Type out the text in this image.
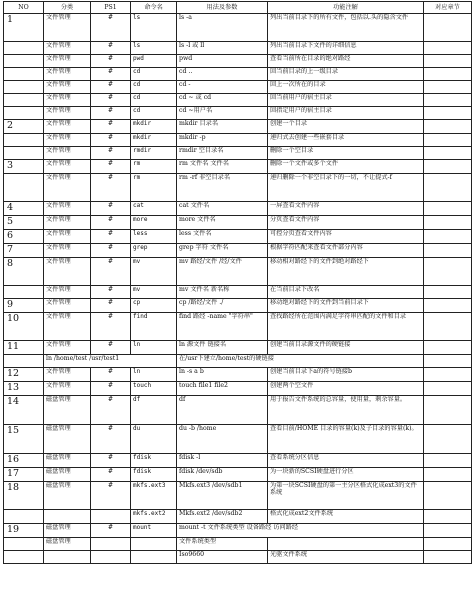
NO	分类	PS1	命令名	用法及参数	功能注解	对应章节
1	文件管理	#	ls	ls -a	列出当前目录下的所有文件，包括以.头的隐含文件	
	文件管理	#	ls	ls -l 或 ll	列出当前目录下文件的详细信息	
	文件管理	#	pwd	pwd	查看当前所在目录的绝对路经	
	文件管理	#	cd	cd ..	回当前目录的上一级目录	
	文件管理	#	cd	cd -	回上一次所在的目录	
	文件管理	#	cd	cd ~ 或 cd	回当前用户的宿主目录	
	文件管理	#	cd	cd ~用户名	回指定用户的宿主目录	
2	文件管理	#	mkdir	mkdir 目录名	创建一个目录	
	文件管理	#	mkdir	mkdir -p	递归式去创建一些嵌套目录	
	文件管理	#	rmdir	rmdir 空目录名	删除一个空目录	
3	文件管理	#	rm	rm 文件名 文件名	删除一个文件或多个文件	
	文件管理	#	rm	rm -rf 非空目录名	递归删除一个非空目录下的一切，不让提式-f	
4	文件管理	#	cat	cat 文件名	一屏查看文件内容	
5	文件管理	#	more	more 文件名	分页查看文件内容	
6	文件管理	#	less	less 文件名	可控分页查看文件内容	
7	文件管理	#	grep	grep 字符 文件名	根据字符匹配来查看文件部分内容	
8	文件管理	#	mv	mv 路经/文件 /经/文件	移动相对路经下的文件到绝对路经下	
	文件管理	#	mv	mv 文件名 新名称	在当前目录下改名	
9	文件管理	#	cp	cp /路经/文件 ./	移动绝对路经下的文件到当前目录下	
10	文件管理	#	find	find 路经 -name "字符串"	查找路经所在范围内满足字符串匹配的文件和目录	
11	文件管理	#	ln	ln 源文件 链接名	创建当前目录源文件的硬链接	
	ln /home/test /usr/test1			在/usr下建立/home/test的硬链接		
12	文件管理	#	ln	ln -s a b	创建当前目录下a的符号链接b	
13	文件管理	#	touch	touch file1 file2	创建两个空文件	
14	磁盘管理	#	df	df	用于报告文件系统的总容量，使用量，剩余容量。	
15	磁盘管理	#	du	du -b /home	查看目前/HOME 目录的容量(k)及子目录的容量(k)。	
16	磁盘管理	#	fdisk	fdisk -l	查看系统分区信息	
17	磁盘管理	#	fdisk	fdisk /dev/sdb	为一块新的SCSI硬盘进行分区	
18	磁盘管理	#	mkfs.ext3	Mkfs.ext3 /dev/sdb1	为第一块SCSI硬盘的第一主分区格式化成ext3的文件系统	
			mkfs.ext2	Mkfs.ext2 /dev/sdb2	格式化成ext2文件系统	
19	磁盘管理	#	mount	mount -t 文件系统类型 设备路经 访问路经		
	磁盘管理			文件系统类型		
				Iso9660	光驱文件系统	
